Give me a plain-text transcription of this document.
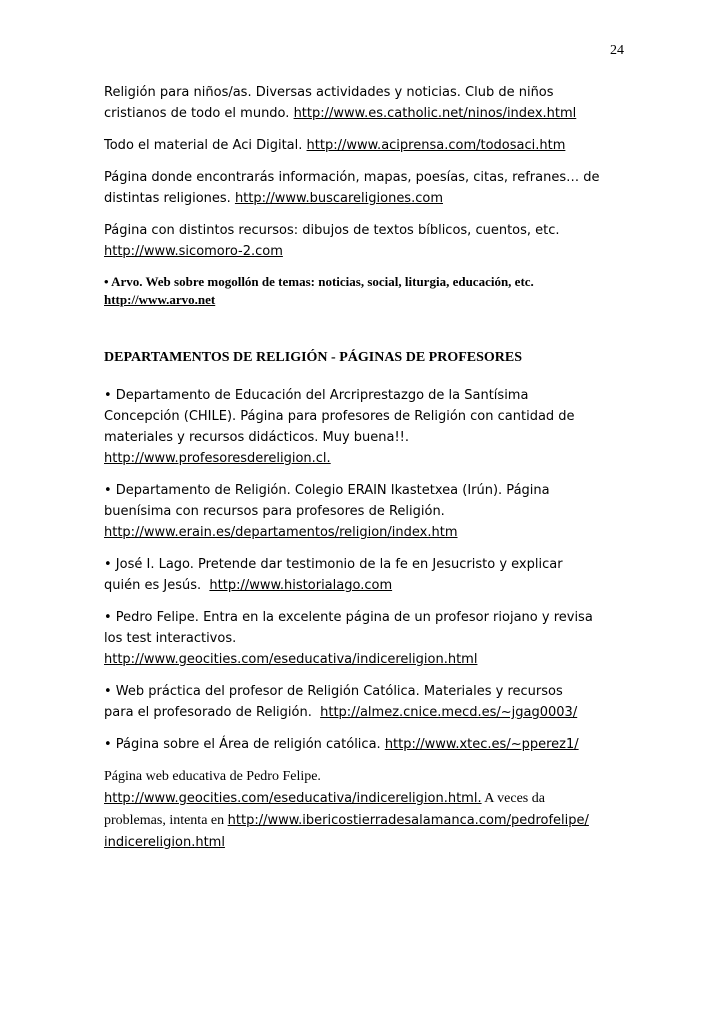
24

Religión para niños/as. Diversas actividades y noticias. Club de niños
cristianos de todo el mundo. http://www.es.catholic.net/ninos/index.html

Todo el material de Aci Digital. http://www.aciprensa.com/todosaci.htm

Página donde encontrarás información, mapas, poesías, citas, refranes… de
distintas religiones. http://www.buscareligiones.com

Página con distintos recursos: dibujos de textos bíblicos, cuentos, etc.
http://www.sicomoro-2.com

• Arvo. Web sobre mogollón de temas: noticias, social, liturgia, educación, etc.
http://www.arvo.net

DEPARTAMENTOS DE RELIGIÓN - PÁGINAS DE PROFESORES

• Departamento de Educación del Arcriprestazgo de la Santísima
Concepción (CHILE). Página para profesores de Religión con cantidad de
materiales y recursos didácticos. Muy buena!!.
http://www.profesoresdereligion.cl.

• Departamento de Religión. Colegio ERAIN Ikastetxea (Irún). Página
buenísima con recursos para profesores de Religión.
http://www.erain.es/departamentos/religion/index.htm

• José I. Lago. Pretende dar testimonio de la fe en Jesucristo y explicar
quién es Jesús.  http://www.historialago.com

• Pedro Felipe. Entra en la excelente página de un profesor riojano y revisa
los test interactivos.
http://www.geocities.com/eseducativa/indicereligion.html

• Web práctica del profesor de Religión Católica. Materiales y recursos
para el profesorado de Religión.  http://almez.cnice.mecd.es/~jgag0003/

• Página sobre el Área de religión católica. http://www.xtec.es/~pperez1/

Página web educativa de Pedro Felipe.
http://www.geocities.com/eseducativa/indicereligion.html. A veces da
problemas, intenta en http://www.ibericostierradesalamanca.com/pedrofelipe/
indicereligion.html
